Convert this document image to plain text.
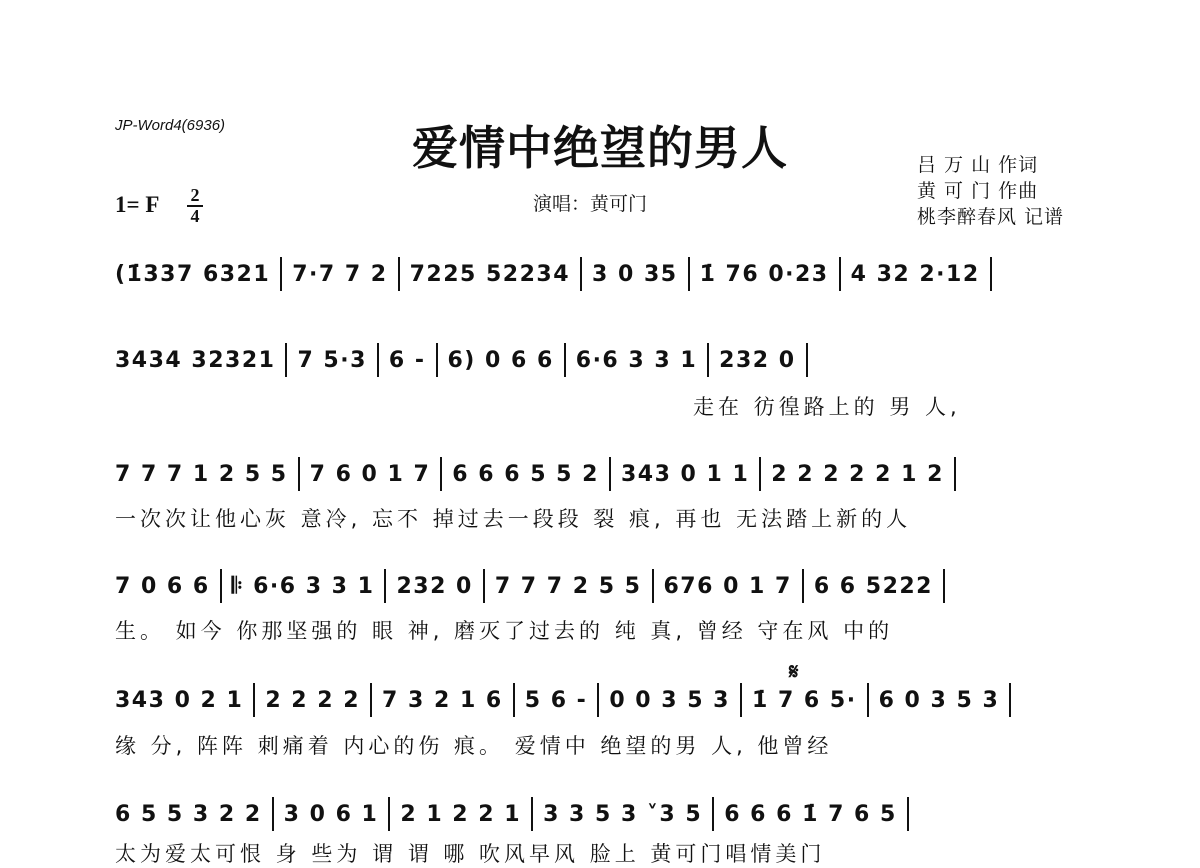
JP-Word4(6936)	爱情中绝望的男人
演唱：黄可门
吕 万 山 作词
黄 可 门 作曲
桃李醉春风 记谱
1= F 2
4
(1̇337 6321 7·7 7 2 7225 52234 3 0 35 1̇ 76 0·23 4 32 2·12
3434 32321 7 5·3 6 - 6) 0 6 6 6·6 3 3 1 232 0
走在 彷徨路上的 男 人,
7 7 7 1 2 5 5 7 6 0 1 7 6 6 6 5 5 2 343 0 1 1 2 2 2 2 2 1 2
一次次让他心灰 意冷, 忘不 掉过去一段段 裂 痕, 再也 无法踏上新的人
7 0 6 6 𝄆 6·6 3 3 1 232 0 7 7 7 2 5 5 676 0 1 7 6 6 5222
生。 如今 你那坚强的 眼 神, 磨灭了过去的 纯 真, 曾经 守在风 中的
𝄋
343 0 2 1 2 2 2 2 7 3 2 1 6 5 6 - 0 0 3 5 3 1̇ 7 6 5· 6 0 3 5 3
缘 分, 阵阵 刺痛着 内心的伤 痕。 爱情中 绝望的男 人, 他曾经
6 5 5 3 2 2 3 0 6 1 2 1 2 2 1 3 3 5 3 ˅3 5 6 6 6 1̇ 7 6 5
太为爱太可恨 身 些为 谓 谓 哪 吹风早风 脸上 黄可门唱情美门
